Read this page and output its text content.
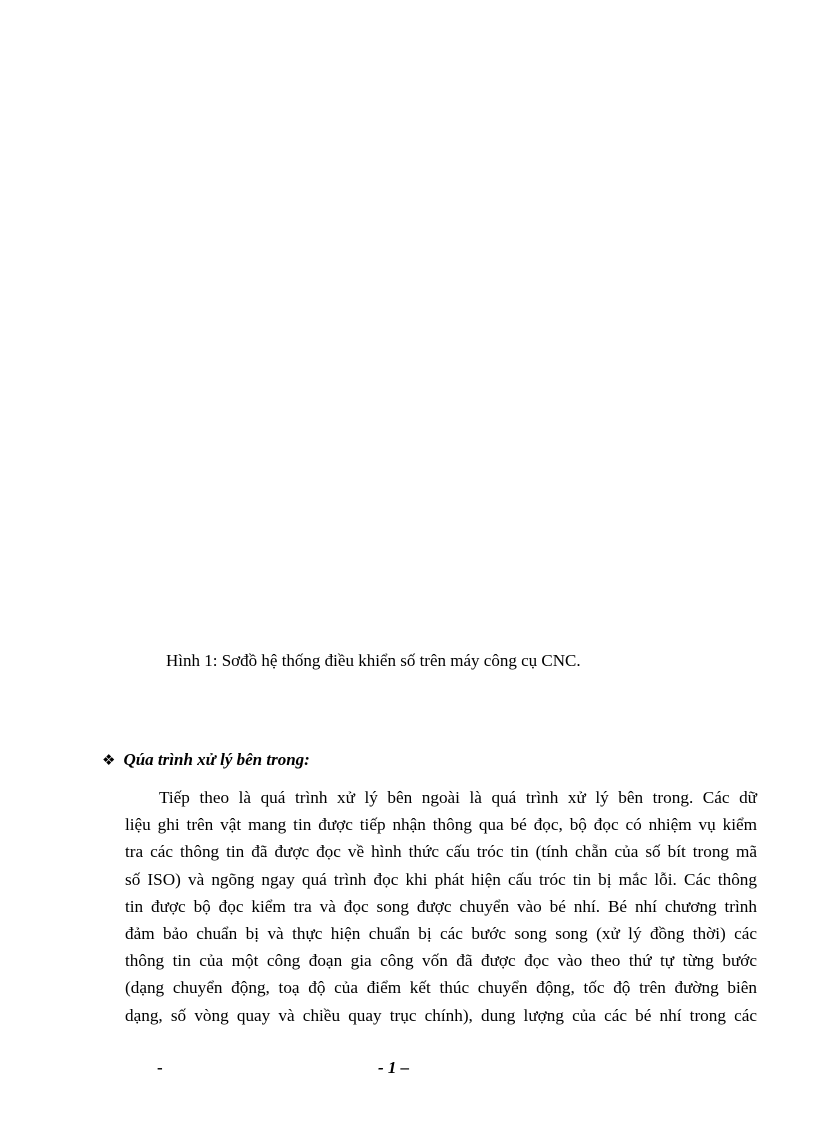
Hình 1: Sơđồ hệ thống điều khiển số trên máy công cụ CNC.
❖ Qúa trình xử lý bên trong:
Tiếp theo là quá trình xử lý bên ngoài là quá trình xử lý bên trong. Các dữ
liệu ghi trên vật mang tin được tiếp nhận thông qua bé đọc, bộ đọc có nhiệm vụ kiểm
tra các thông tin đã được đọc về hình thức cấu tróc tin (tính chẵn của số bít trong mã
số ISO) và ngõng ngay quá trình đọc khi phát hiện cấu tróc tin bị mắc lỗi. Các thông
tin được bộ đọc kiểm tra và đọc song được chuyển vào bé nhí. Bé nhí chương trình
đảm bảo chuẩn bị và thực hiện chuẩn bị các bước song song (xử lý đồng thời) các
thông tin của một công đoạn gia công vốn đã được đọc vào theo thứ tự từng bước
(dạng chuyển động, toạ độ của điểm kết thúc chuyển động, tốc độ trên đường biên
dạng, số vòng quay và chiều quay trục chính), dung lượng của các bé nhí trong các
-	- 1 –
